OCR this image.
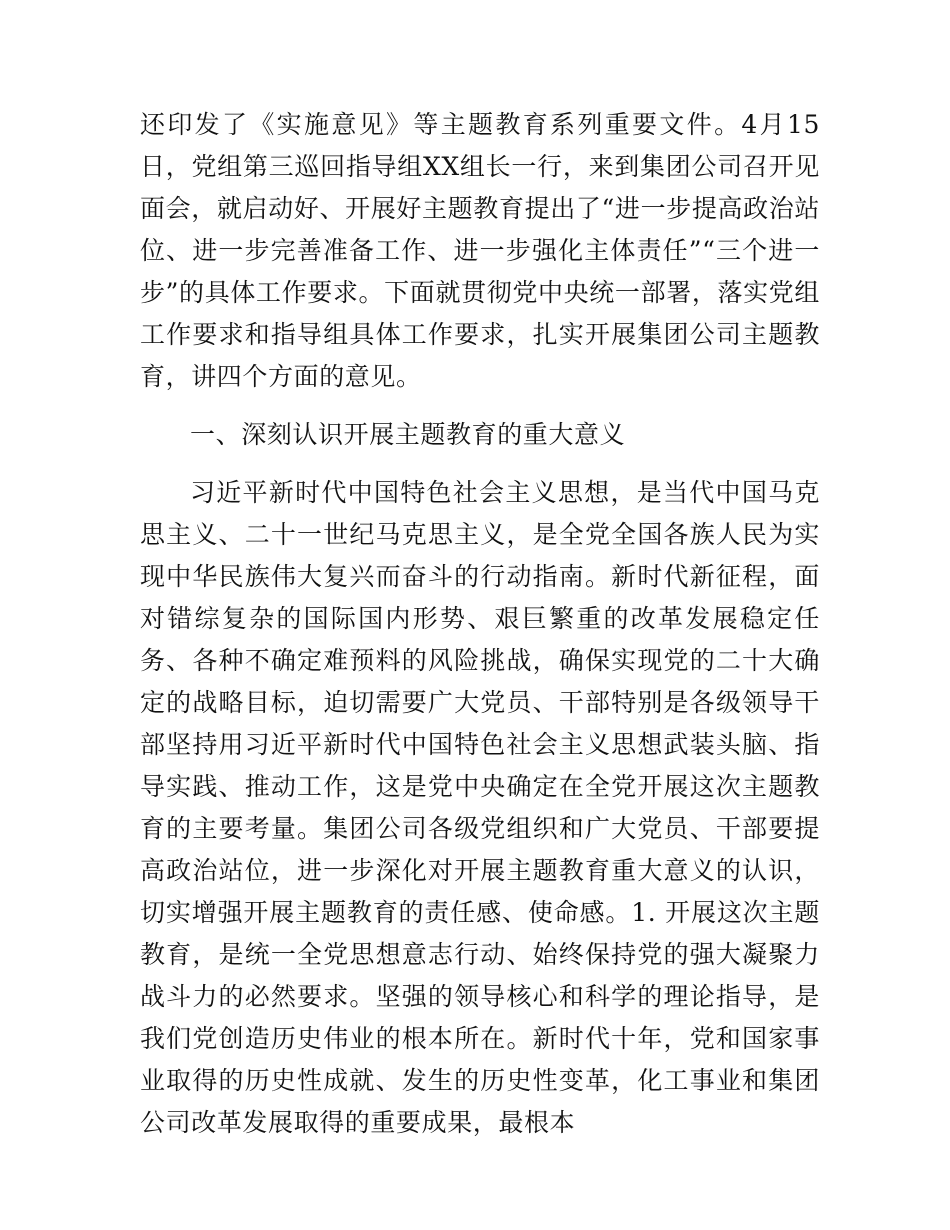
还印发了《实施意见》等主题教育系列重要文件。4月15日，党组第三巡回指导组XX组长一行，来到集团公司召开见面会，就启动好、开展好主题教育提出了“进一步提高政治站位、进一步完善准备工作、进一步强化主体责任”“三个进一步”的具体工作要求。下面就贯彻党中央统一部署，落实党组工作要求和指导组具体工作要求，扎实开展集团公司主题教育，讲四个方面的意见。

一、深刻认识开展主题教育的重大意义

习近平新时代中国特色社会主义思想，是当代中国马克思主义、二十一世纪马克思主义，是全党全国各族人民为实现中华民族伟大复兴而奋斗的行动指南。新时代新征程，面对错综复杂的国际国内形势、艰巨繁重的改革发展稳定任务、各种不确定难预料的风险挑战，确保实现党的二十大确定的战略目标，迫切需要广大党员、干部特别是各级领导干部坚持用习近平新时代中国特色社会主义思想武装头脑、指导实践、推动工作，这是党中央确定在全党开展这次主题教育的主要考量。集团公司各级党组织和广大党员、干部要提高政治站位，进一步深化对开展主题教育重大意义的认识，切实增强开展主题教育的责任感、使命感。1. 开展这次主题教育，是统一全党思想意志行动、始终保持党的强大凝聚力战斗力的必然要求。坚强的领导核心和科学的理论指导，是我们党创造历史伟业的根本所在。新时代十年，党和国家事业取得的历史性成就、发生的历史性变革，化工事业和集团公司改革发展取得的重要成果，最根本
